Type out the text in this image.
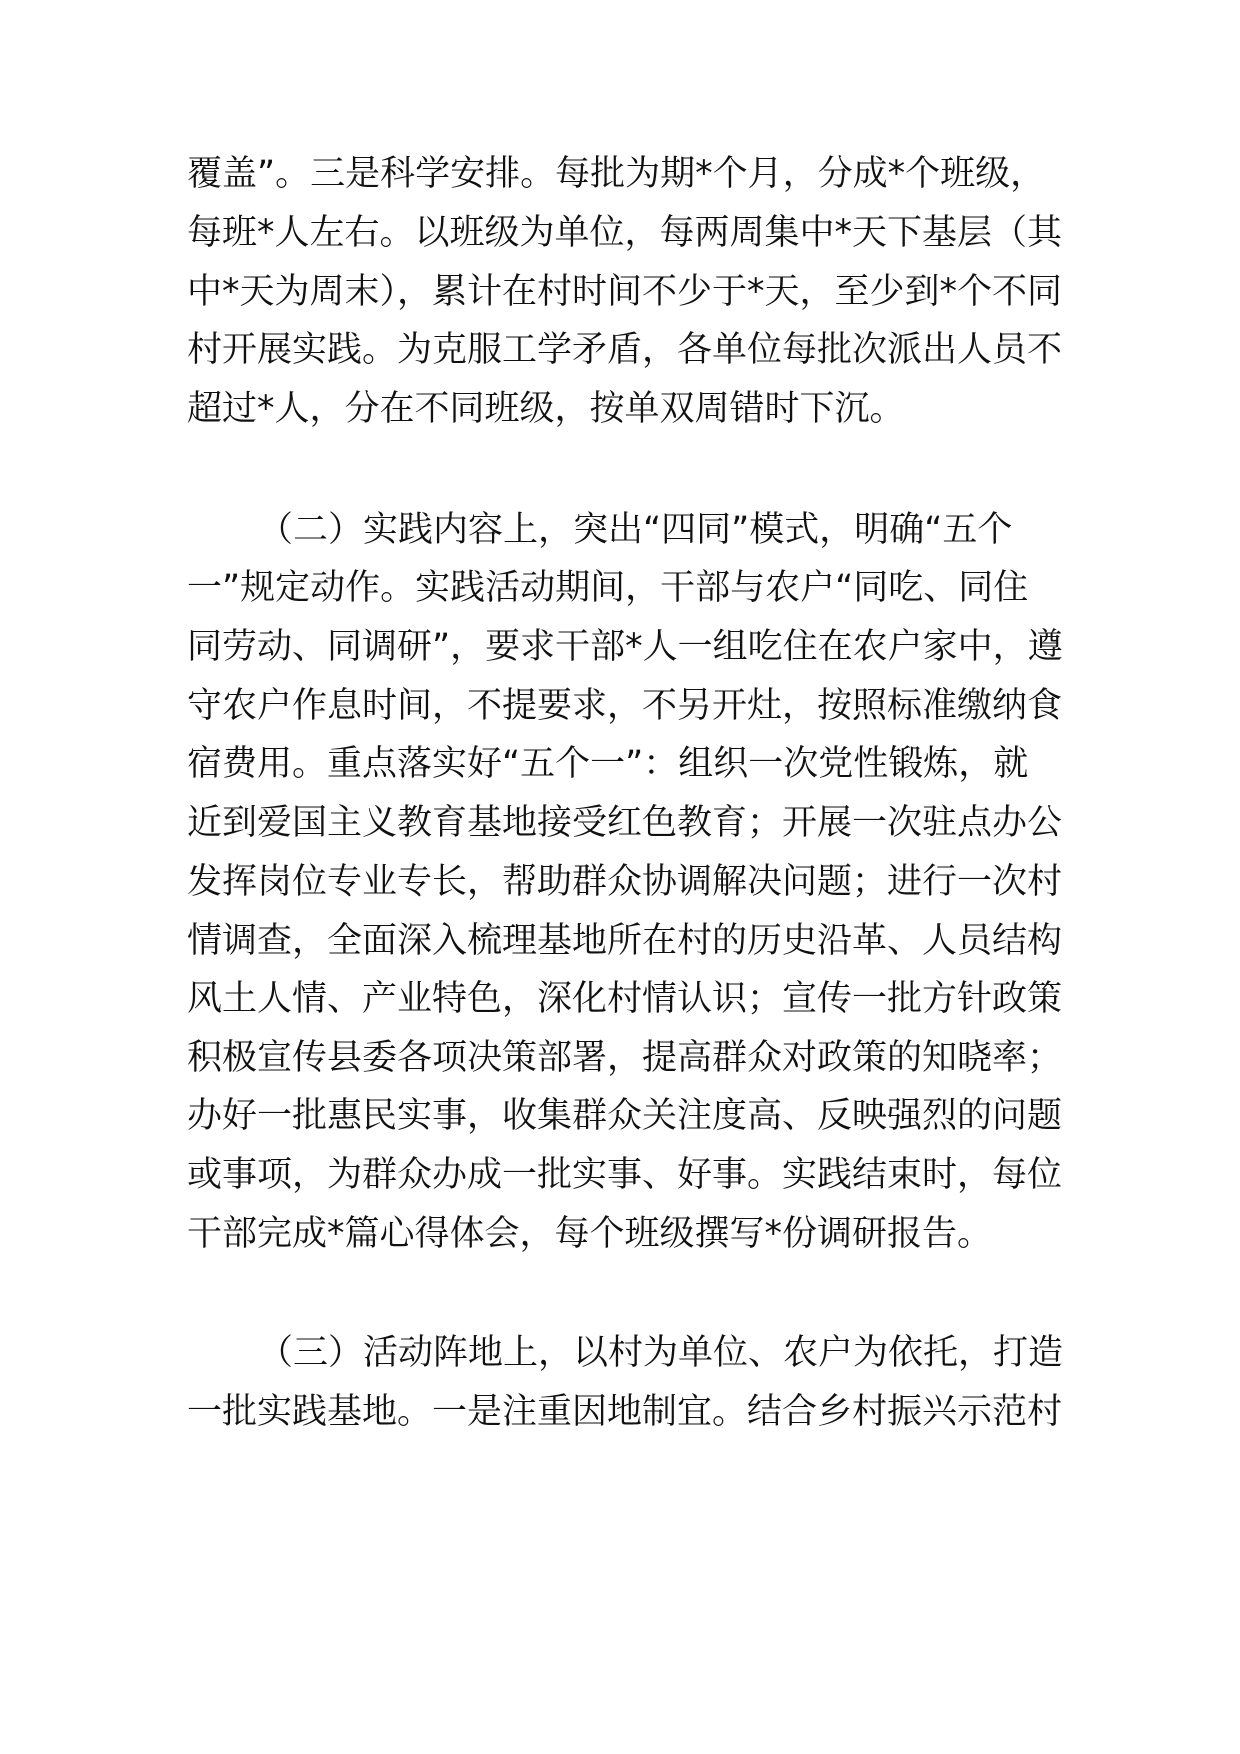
覆盖”。三是科学安排。每批为期*个月，分成*个班级，
每班*人左右。以班级为单位，每两周集中*天下基层（其
中*天为周末），累计在村时间不少于*天，至少到*个不同
村开展实践。为克服工学矛盾，各单位每批次派出人员不
超过*人，分在不同班级，按单双周错时下沉。
（二）实践内容上，突出“四同”模式，明确“五个
一”规定动作。实践活动期间，干部与农户“同吃、同住
同劳动、同调研”，要求干部*人一组吃住在农户家中，遵
守农户作息时间，不提要求，不另开灶，按照标准缴纳食
宿费用。重点落实好“五个一”：组织一次党性锻炼，就
近到爱国主义教育基地接受红色教育；开展一次驻点办公
发挥岗位专业专长，帮助群众协调解决问题；进行一次村
情调查，全面深入梳理基地所在村的历史沿革、人员结构
风土人情、产业特色，深化村情认识；宣传一批方针政策
积极宣传县委各项决策部署，提高群众对政策的知晓率；
办好一批惠民实事，收集群众关注度高、反映强烈的问题
或事项，为群众办成一批实事、好事。实践结束时，每位
干部完成*篇心得体会，每个班级撰写*份调研报告。
（三）活动阵地上，以村为单位、农户为依托，打造
一批实践基地。一是注重因地制宜。结合乡村振兴示范村
